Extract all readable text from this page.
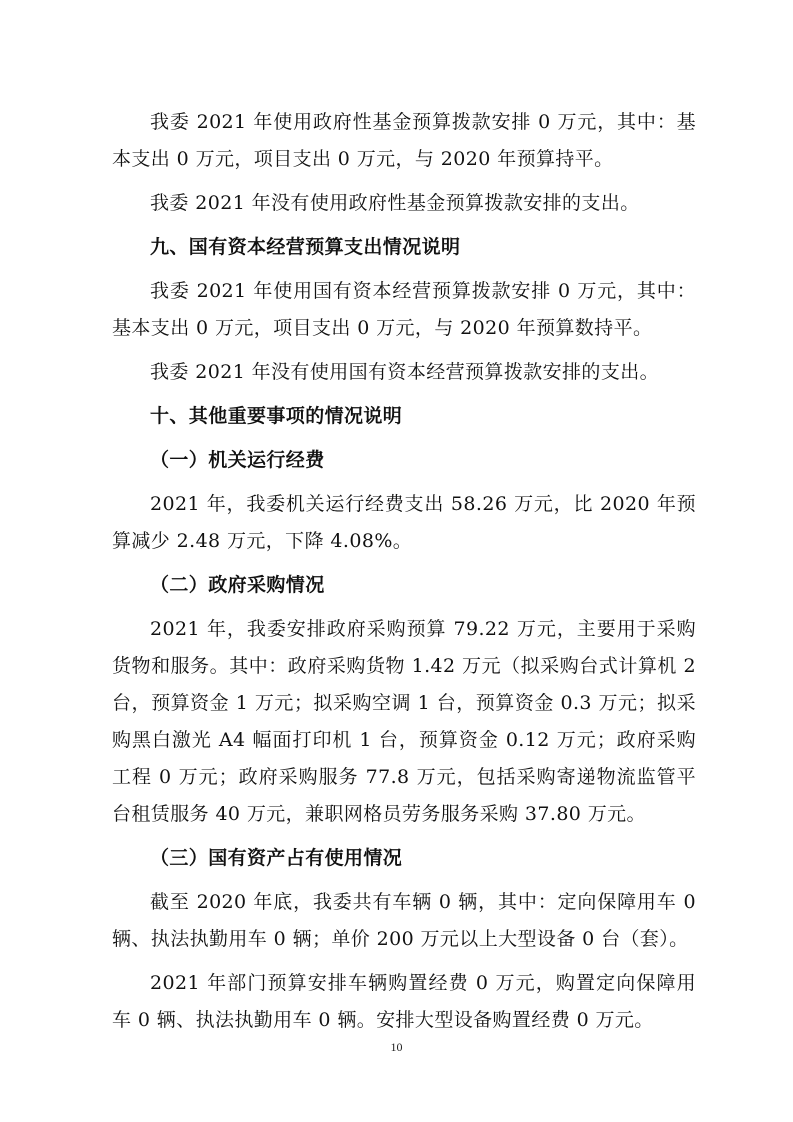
我委 2021 年使用政府性基金预算拨款安排 0 万元，其中：基本支出 0 万元，项目支出 0 万元，与 2020 年预算持平。

我委 2021 年没有使用政府性基金预算拨款安排的支出。

九、国有资本经营预算支出情况说明

我委 2021 年使用国有资本经营预算拨款安排 0 万元，其中：基本支出 0 万元，项目支出 0 万元，与 2020 年预算数持平。

我委 2021 年没有使用国有资本经营预算拨款安排的支出。

十、其他重要事项的情况说明

（一）机关运行经费

2021 年，我委机关运行经费支出 58.26 万元，比 2020 年预算减少 2.48 万元，下降 4.08%。

（二）政府采购情况

2021 年，我委安排政府采购预算 79.22 万元，主要用于采购货物和服务。其中：政府采购货物 1.42 万元（拟采购台式计算机 2 台，预算资金 1 万元；拟采购空调 1 台，预算资金 0.3 万元；拟采购黑白激光 A4 幅面打印机 1 台，预算资金 0.12 万元；政府采购工程 0 万元；政府采购服务 77.8 万元，包括采购寄递物流监管平台租赁服务 40 万元，兼职网格员劳务服务采购 37.80 万元。

（三）国有资产占有使用情况

截至 2020 年底，我委共有车辆 0 辆，其中：定向保障用车 0 辆、执法执勤用车 0 辆；单价 200 万元以上大型设备 0 台（套）。

2021 年部门预算安排车辆购置经费 0 万元，购置定向保障用车 0 辆、执法执勤用车 0 辆。安排大型设备购置经费 0 万元。

10
